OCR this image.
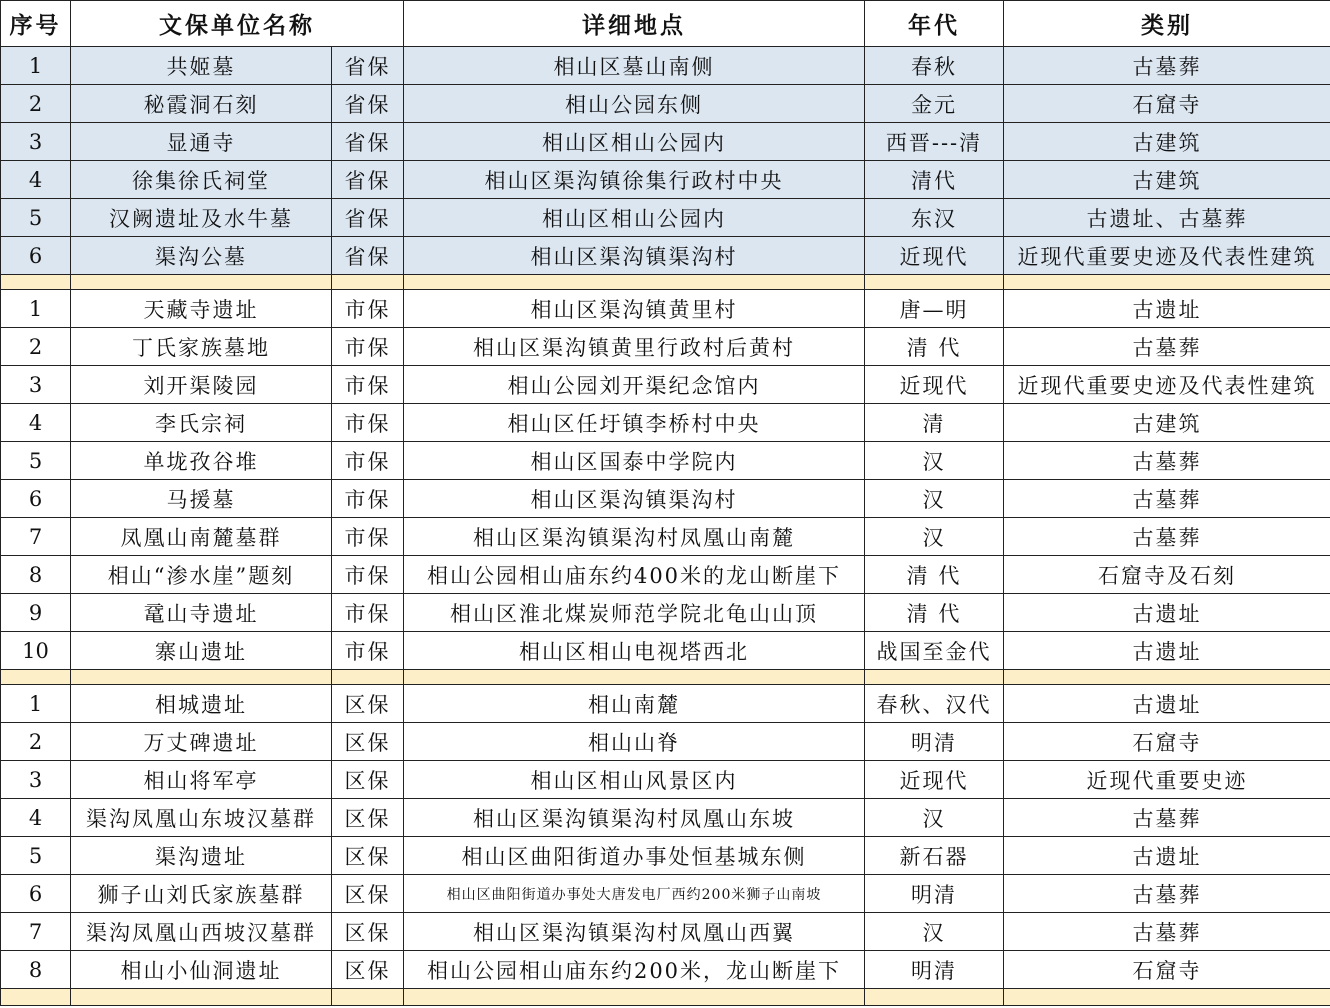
序号	文保单位名称		详细地点	年代	类别
1	共姬墓	省保	相山区墓山南侧	春秋	古墓葬
2	秘霞洞石刻	省保	相山公园东侧	金元	石窟寺
3	显通寺	省保	相山区相山公园内	西晋---清	古建筑
4	徐集徐氏祠堂	省保	相山区渠沟镇徐集行政村中央	清代	古建筑
5	汉阙遗址及水牛墓	省保	相山区相山公园内	东汉	古遗址、古墓葬
6	渠沟公墓	省保	相山区渠沟镇渠沟村	近现代	近现代重要史迹及代表性建筑

1	天藏寺遗址	市保	相山区渠沟镇黄里村	唐—明	古遗址
2	丁氏家族墓地	市保	相山区渠沟镇黄里行政村后黄村	清 代	古墓葬
3	刘开渠陵园	市保	相山公园刘开渠纪念馆内	近现代	近现代重要史迹及代表性建筑
4	李氏宗祠	市保	相山区任圩镇李桥村中央	清	古建筑
5	单垅孜谷堆	市保	相山区国泰中学院内	汉	古墓葬
6	马援墓	市保	相山区渠沟镇渠沟村	汉	古墓葬
7	凤凰山南麓墓群	市保	相山区渠沟镇渠沟村凤凰山南麓	汉	古墓葬
8	相山“渗水崖”题刻	市保	相山公园相山庙东约400米的龙山断崖下	清 代	石窟寺及石刻
9	鼋山寺遗址	市保	相山区淮北煤炭师范学院北龟山山顶	清 代	古遗址
10	寨山遗址	市保	相山区相山电视塔西北	战国至金代	古遗址

1	相城遗址	区保	相山南麓	春秋、汉代	古遗址
2	万丈碑遗址	区保	相山山脊	明清	石窟寺
3	相山将军亭	区保	相山区相山风景区内	近现代	近现代重要史迹
4	渠沟凤凰山东坡汉墓群	区保	相山区渠沟镇渠沟村凤凰山东坡	汉	古墓葬
5	渠沟遗址	区保	相山区曲阳街道办事处恒基城东侧	新石器	古遗址
6	狮子山刘氏家族墓群	区保	相山区曲阳街道办事处大唐发电厂西约200米狮子山南坡	明清	古墓葬
7	渠沟凤凰山西坡汉墓群	区保	相山区渠沟镇渠沟村凤凰山西翼	汉	古墓葬
8	相山小仙洞遗址	区保	相山公园相山庙东约200米，龙山断崖下	明清	石窟寺
